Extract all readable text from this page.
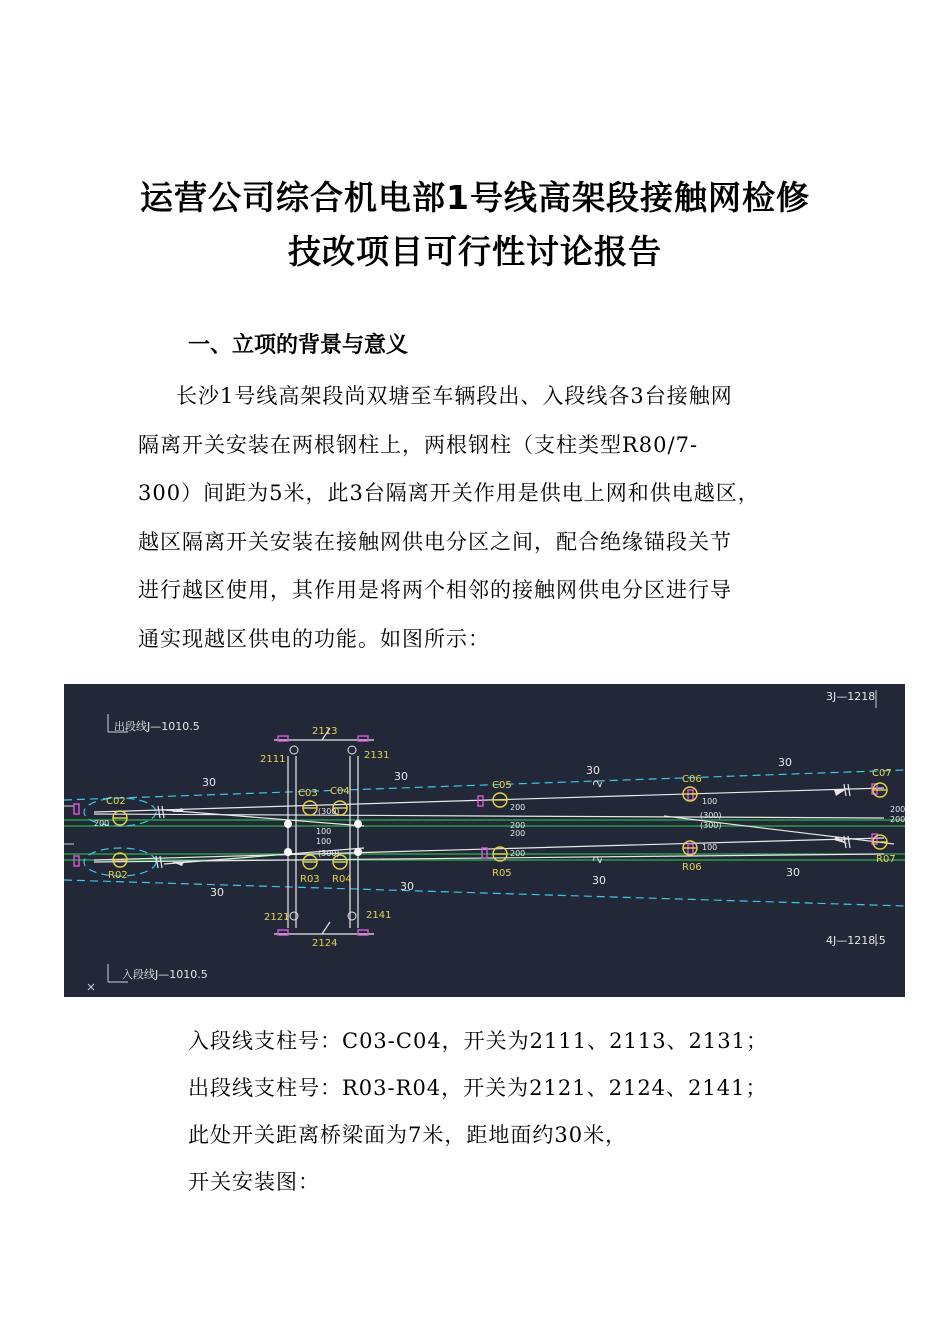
运营公司综合机电部1号线高架段接触网检修
技改项目可行性讨论报告
一、立项的背景与意义
长沙1号线高架段尚双塘至车辆段出、入段线各3台接触网
隔离开关安装在两根钢柱上，两根钢柱（支柱类型R80/7-
300）间距为5米，此3台隔离开关作用是供电上网和供电越区，
越区隔离开关安装在接触网供电分区之间，配合绝缘锚段关节
进行越区使用，其作用是将两个相邻的接触网供电分区进行导
通实现越区供电的功能。如图所示：
出段线J—1010.5
入段线J—1010.5
3J—1218
4J—1218.5
2113
2111	2131
2121
2124
2141
C02
C03 C04
C05
C06
C07
R02	R03 R04
R05
R06
R07
30	30	30
30
30	30	30
30
2
2
200
100
100
(300)
(300)	200
200
200
200
100
(300)
(300)
100
200
200
入段线支柱号：C03-C04，开关为2111、2113、2131；
出段线支柱号：R03-R04，开关为2121、2124、2141；
此处开关距离桥梁面为7米，距地面约30米，
开关安装图：
